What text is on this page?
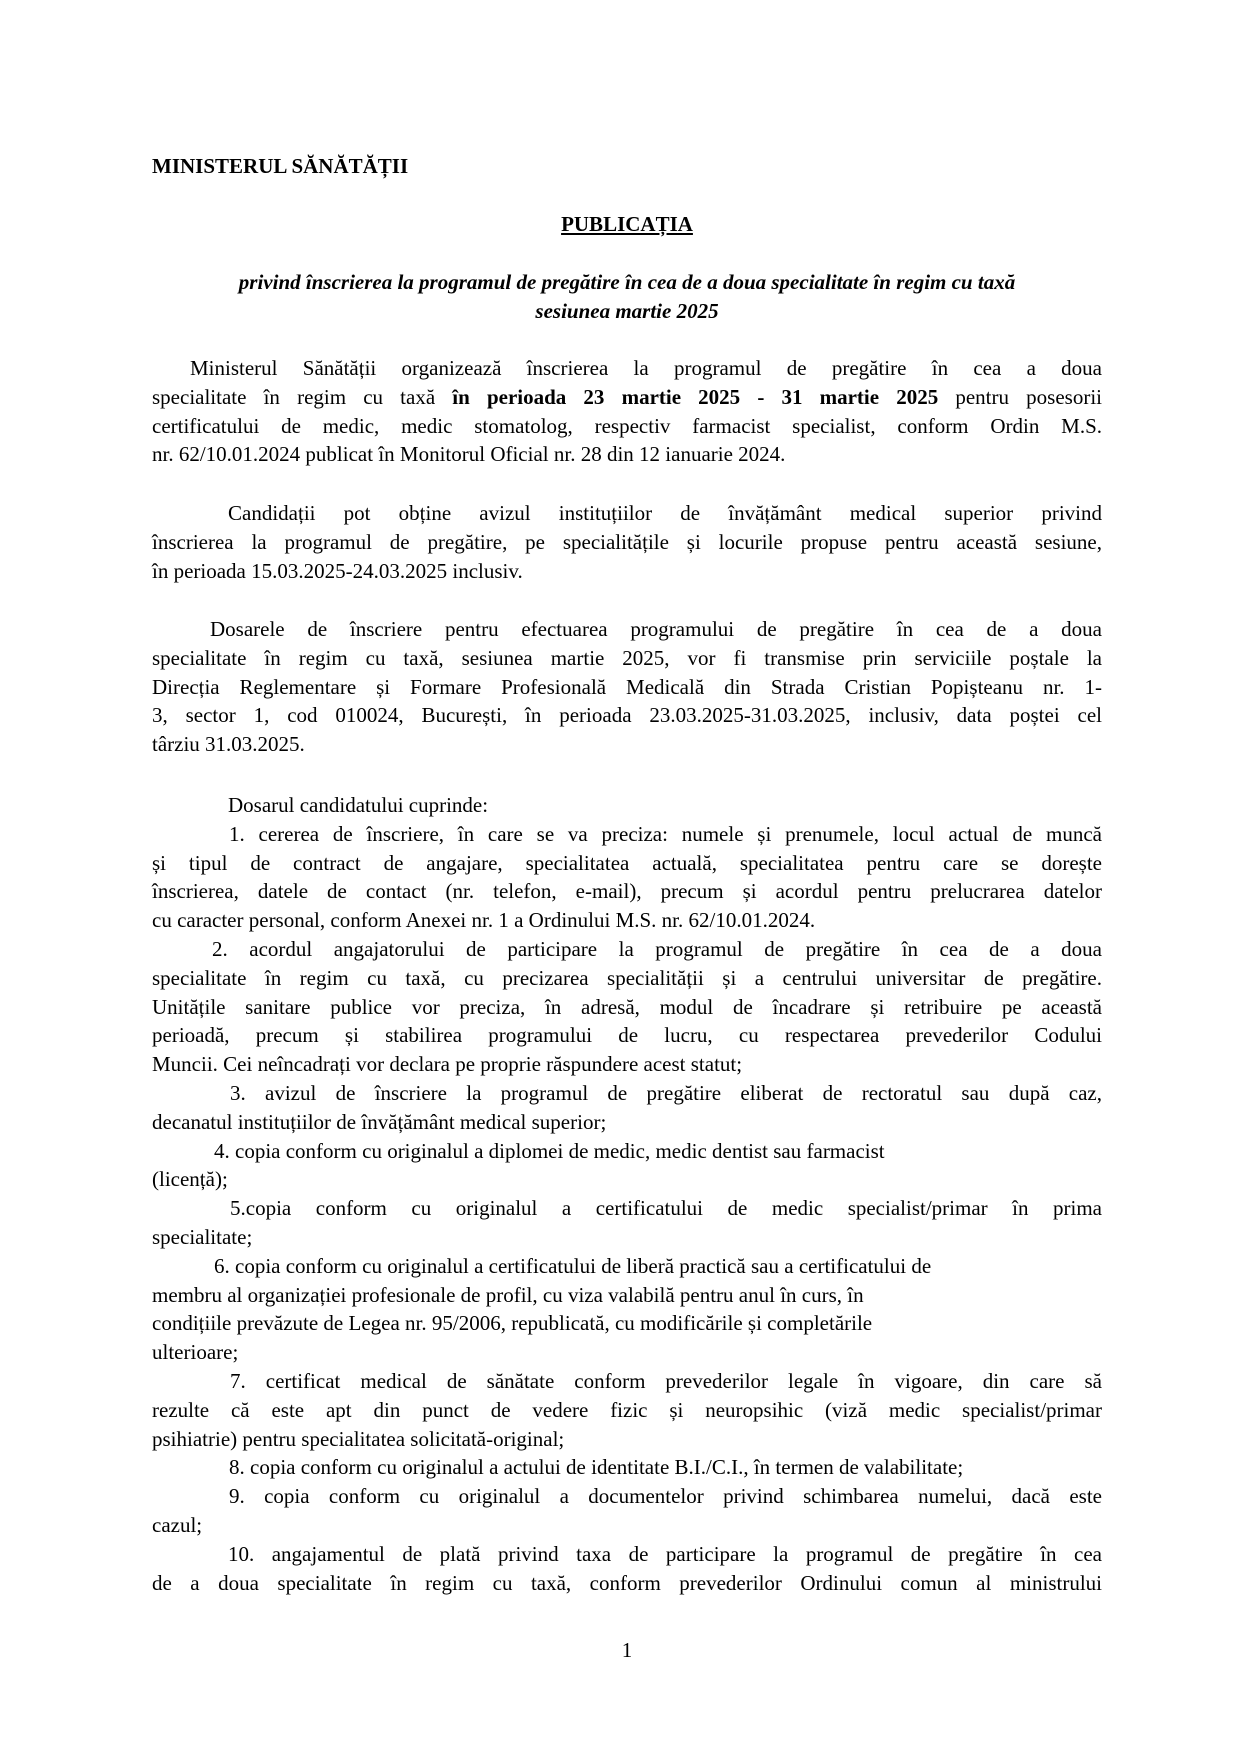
MINISTERUL SĂNĂTĂȚII
PUBLICAȚIA
privind înscrierea la programul de pregătire în cea de a doua specialitate în regim cu taxă
sesiunea martie 2025
Ministerul Sănătății organizează înscrierea la programul de pregătire în cea a doua
specialitate în regim cu taxă în perioada 23 martie 2025 - 31 martie 2025 pentru posesorii
certificatului de medic, medic stomatolog, respectiv farmacist specialist, conform Ordin M.S.
nr. 62/10.01.2024 publicat în Monitorul Oficial nr. 28 din 12 ianuarie 2024.
Candidații pot obține avizul instituțiilor de învățământ medical superior privind
înscrierea la programul de pregătire, pe specialitățile și locurile propuse pentru această sesiune,
în perioada 15.03.2025-24.03.2025 inclusiv.
Dosarele de înscriere pentru efectuarea programului de pregătire în cea de a doua
specialitate în regim cu taxă, sesiunea martie 2025, vor fi transmise prin serviciile poștale la
Direcția Reglementare și Formare Profesională Medicală din Strada Cristian Popișteanu nr. 1-
3, sector 1, cod 010024, București, în perioada 23.03.2025-31.03.2025, inclusiv, data poștei cel
târziu 31.03.2025.
Dosarul candidatului cuprinde:
1. cererea de înscriere, în care se va preciza: numele și prenumele, locul actual de muncă
și tipul de contract de angajare, specialitatea actuală, specialitatea pentru care se dorește
înscrierea, datele de contact (nr. telefon, e-mail), precum și acordul pentru prelucrarea datelor
cu caracter personal, conform Anexei nr. 1 a Ordinului M.S. nr. 62/10.01.2024.
2. acordul angajatorului de participare la programul de pregătire în cea de a doua
specialitate în regim cu taxă, cu precizarea specialității și a centrului universitar de pregătire.
Unitățile sanitare publice vor preciza, în adresă, modul de încadrare și retribuire pe această
perioadă, precum și stabilirea programului de lucru, cu respectarea prevederilor Codului
Muncii. Cei neîncadrați vor declara pe proprie răspundere acest statut;
3. avizul de înscriere la programul de pregătire eliberat de rectoratul sau după caz,
decanatul instituțiilor de învățământ medical superior;
4. copia conform cu originalul a diplomei de medic, medic dentist sau farmacist
(licență);
5.copia conform cu originalul a certificatului de medic specialist/primar în prima
specialitate;
6. copia conform cu originalul a certificatului de liberă practică sau a certificatului de
membru al organizației profesionale de profil, cu viza valabilă pentru anul în curs, în
condițiile prevăzute de Legea nr. 95/2006, republicată, cu modificările și completările
ulterioare;
7. certificat medical de sănătate conform prevederilor legale în vigoare, din care să
rezulte că este apt din punct de vedere fizic și neuropsihic (viză medic specialist/primar
psihiatrie) pentru specialitatea solicitată-original;
8. copia conform cu originalul a actului de identitate B.I./C.I., în termen de valabilitate;
9. copia conform cu originalul a documentelor privind schimbarea numelui, dacă este
cazul;
10. angajamentul de plată privind taxa de participare la programul de pregătire în cea
de a doua specialitate în regim cu taxă, conform prevederilor Ordinului comun al ministrului
1
